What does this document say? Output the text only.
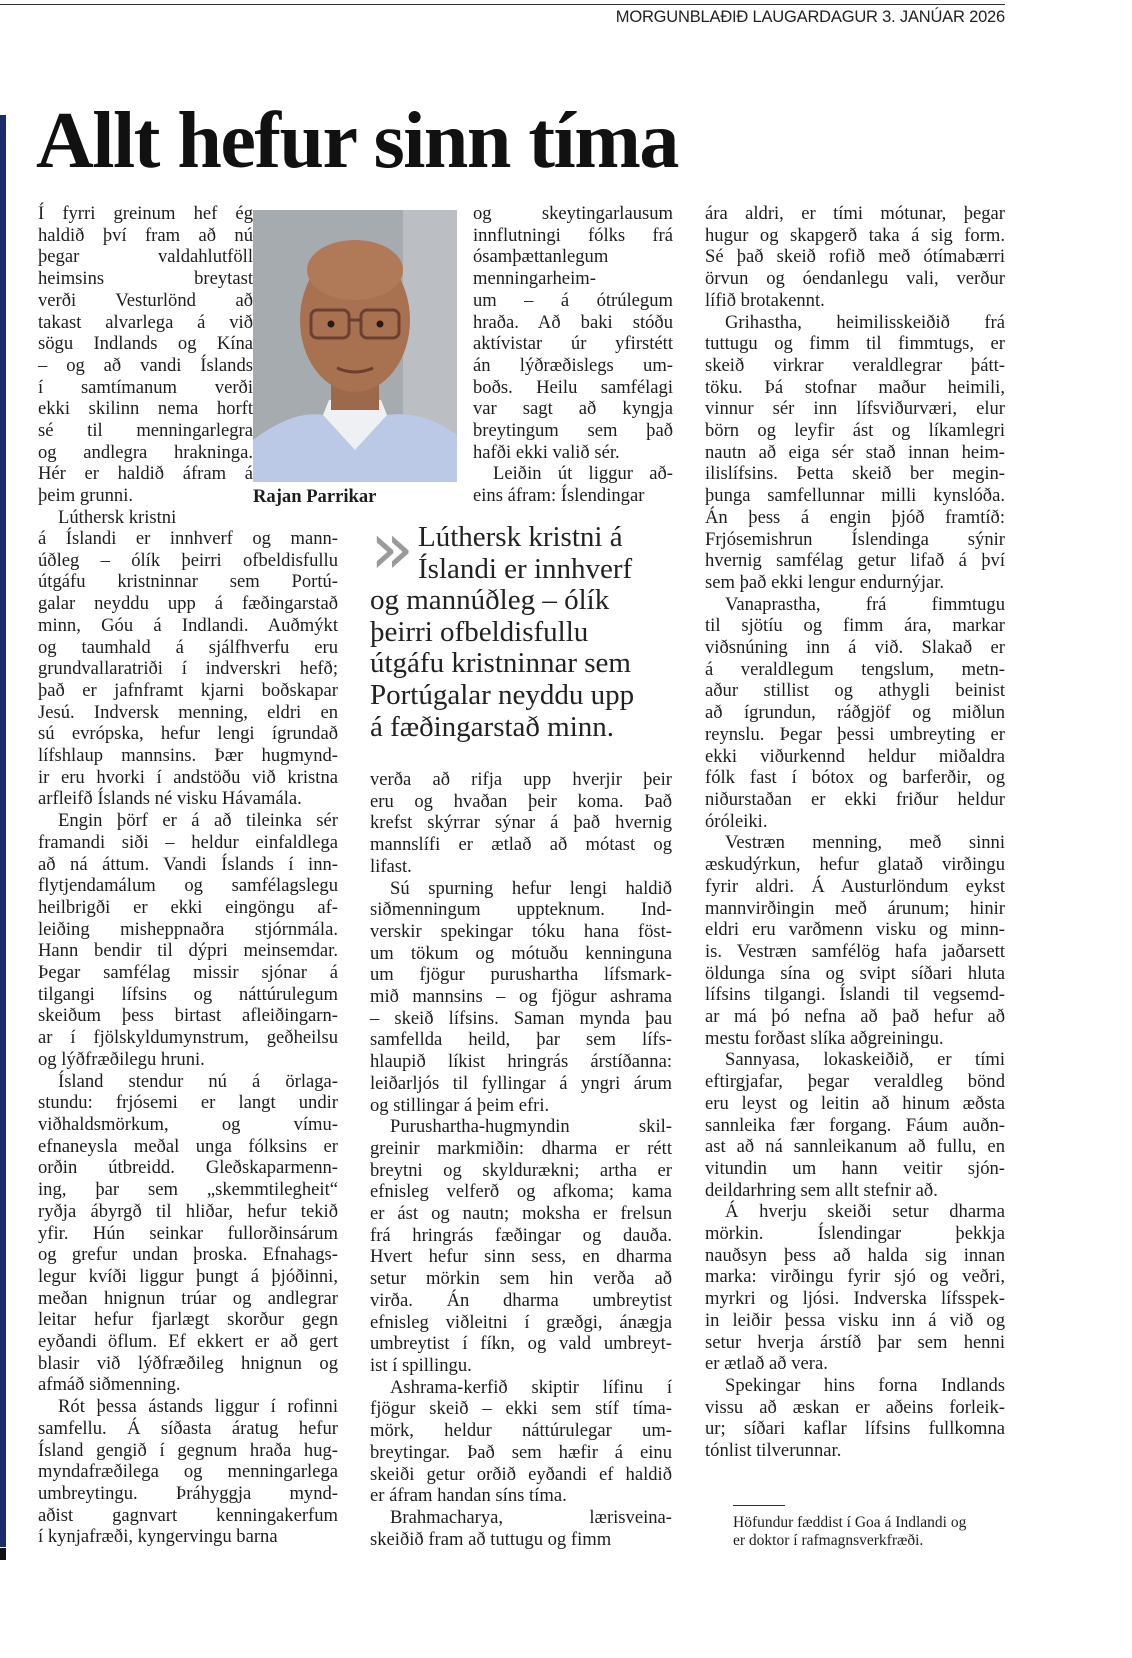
MORGUNBLAÐIÐ LAUGARDAGUR 3. JANÚAR 2026
Allt hefur sinn tíma
Í fyrri greinum hef ég
haldið því fram að nú
þegar valdahlutföll
heimsins breytast
verði Vesturlönd að
takast alvarlega á við
sögu Indlands og Kína
– og að vandi Íslands
í samtímanum verði
ekki skilinn nema horft
sé til menningarlegra
og andlegra hrakninga.
Hér er haldið áfram á
þeim grunni.
Lúthersk kristni
á Íslandi er innhverf og mann-
úðleg – ólík þeirri ofbeldisfullu
útgáfu kristninnar sem Portú-
galar neyddu upp á fæðingarstað
minn, Góu á Indlandi. Auðmýkt
og taumhald á sjálfhverfu eru
grundvallaratriði í indverskri hefð;
það er jafnframt kjarni boðskapar
Jesú. Indversk menning, eldri en
sú evrópska, hefur lengi ígrundað
lífshlaup mannsins. Þær hugmynd-
ir eru hvorki í andstöðu við kristna
arfleifð Íslands né visku Hávamála.
Engin þörf er á að tileinka sér
framandi siði – heldur einfaldlega
að ná áttum. Vandi Íslands í inn-
flytjendamálum og samfélagslegu
heilbrigði er ekki eingöngu af-
leiðing misheppnaðra stjórnmála.
Hann bendir til dýpri meinsemdar.
Þegar samfélag missir sjónar á
tilgangi lífsins og náttúrulegum
skeiðum þess birtast afleiðingarn-
ar í fjölskyldumynstrum, geðheilsu
og lýðfræðilegu hruni.
Ísland stendur nú á örlaga-
stundu: frjósemi er langt undir
viðhaldsmörkum, og vímu-
efnaneysla meðal unga fólksins er
orðin útbreidd. Gleðskaparmenn-
ing, þar sem „skemmtilegheit“
ryðja ábyrgð til hliðar, hefur tekið
yfir. Hún seinkar fullorðinsárum
og grefur undan þroska. Efnahags-
legur kvíði liggur þungt á þjóðinni,
meðan hnignun trúar og andlegrar
leitar hefur fjarlægt skorður gegn
eyðandi öflum. Ef ekkert er að gert
blasir við lýðfræðileg hnignun og
afmáð siðmenning.
Rót þessa ástands liggur í rofinni
samfellu. Á síðasta áratug hefur
Ísland gengið í gegnum hraða hug-
myndafræðilega og menningarlega
umbreytingu. Þráhyggja mynd-
aðist gagnvart kenningakerfum
í kynjafræði, kyngervingu barna
Rajan Parrikar
og skeytingarlausum
innflutningi fólks frá
ósamþættanlegum
menningarheim-
um – á ótrúlegum
hraða. Að baki stóðu
aktívistar úr yfirstétt
án lýðræðislegs um-
boðs. Heilu samfélagi
var sagt að kyngja
breytingum sem það
hafði ekki valið sér.
Leiðin út liggur að-
eins áfram: Íslendingar
» Lúthersk kristni á
Íslandi er innhverf
og mannúðleg – ólík
þeirri ofbeldisfullu
útgáfu kristninnar sem
Portúgalar neyddu upp
á fæðingarstað minn.
verða að rifja upp hverjir þeir
eru og hvaðan þeir koma. Það
krefst skýrrar sýnar á það hvernig
mannslífi er ætlað að mótast og
lifast.
Sú spurning hefur lengi haldið
siðmenningum uppteknum. Ind-
verskir spekingar tóku hana föst-
um tökum og mótuðu kenninguna
um fjögur purushartha lífsmark-
mið mannsins – og fjögur ashrama
– skeið lífsins. Saman mynda þau
samfellda heild, þar sem lífs-
hlaupið líkist hringrás árstíðanna:
leiðarljós til fyllingar á yngri árum
og stillingar á þeim efri.
Purushartha-hugmyndin skil-
greinir markmiðin: dharma er rétt
breytni og skyldurækni; artha er
efnisleg velferð og afkoma; kama
er ást og nautn; moksha er frelsun
frá hringrás fæðingar og dauða.
Hvert hefur sinn sess, en dharma
setur mörkin sem hin verða að
virða. Án dharma umbreytist
efnisleg viðleitni í græðgi, ánægja
umbreytist í fíkn, og vald umbreyt-
ist í spillingu.
Ashrama-kerfið skiptir lífinu í
fjögur skeið – ekki sem stíf tíma-
mörk, heldur náttúrulegar um-
breytingar. Það sem hæfir á einu
skeiði getur orðið eyðandi ef haldið
er áfram handan síns tíma.
Brahmacharya, lærisveina-
skeiðið fram að tuttugu og fimm
ára aldri, er tími mótunar, þegar
hugur og skapgerð taka á sig form.
Sé það skeið rofið með ótímabærri
örvun og óendanlegu vali, verður
lífið brotakennt.
Grihastha, heimilisskeiðið frá
tuttugu og fimm til fimmtugs, er
skeið virkrar veraldlegrar þátt-
töku. Þá stofnar maður heimili,
vinnur sér inn lífsviðurværi, elur
börn og leyfir ást og líkamlegri
nautn að eiga sér stað innan heim-
ilislífsins. Þetta skeið ber megin-
þunga samfellunnar milli kynslóða.
Án þess á engin þjóð framtíð:
Frjósemishrun Íslendinga sýnir
hvernig samfélag getur lifað á því
sem það ekki lengur endurnýjar.
Vanaprastha, frá fimmtugu
til sjötíu og fimm ára, markar
viðsnúning inn á við. Slakað er
á veraldlegum tengslum, metn-
aður stillist og athygli beinist
að ígrundun, ráðgjöf og miðlun
reynslu. Þegar þessi umbreyting er
ekki viðurkennd heldur miðaldra
fólk fast í bótox og barferðir, og
niðurstaðan er ekki friður heldur
óróleiki.
Vestræn menning, með sinni
æskudýrkun, hefur glatað virðingu
fyrir aldri. Á Austurlöndum eykst
mannvirðingin með árunum; hinir
eldri eru varðmenn visku og minn-
is. Vestræn samfélög hafa jaðarsett
öldunga sína og svipt síðari hluta
lífsins tilgangi. Íslandi til vegsemd-
ar má þó nefna að það hefur að
mestu forðast slíka aðgreiningu.
Sannyasa, lokaskeiðið, er tími
eftirgjafar, þegar veraldleg bönd
eru leyst og leitin að hinum æðsta
sannleika fær forgang. Fáum auðn-
ast að ná sannleikanum að fullu, en
vitundin um hann veitir sjón-
deildarhring sem allt stefnir að.
Á hverju skeiði setur dharma
mörkin. Íslendingar þekkja
nauðsyn þess að halda sig innan
marka: virðingu fyrir sjó og veðri,
myrkri og ljósi. Indverska lífsspek-
in leiðir þessa visku inn á við og
setur hverja árstíð þar sem henni
er ætlað að vera.
Spekingar hins forna Indlands
vissu að æskan er aðeins forleik-
ur; síðari kaflar lífsins fullkomna
tónlist tilverunnar.
Höfundur fæddist í Goa á Indlandi og
er doktor í rafmagnsverkfræði.
